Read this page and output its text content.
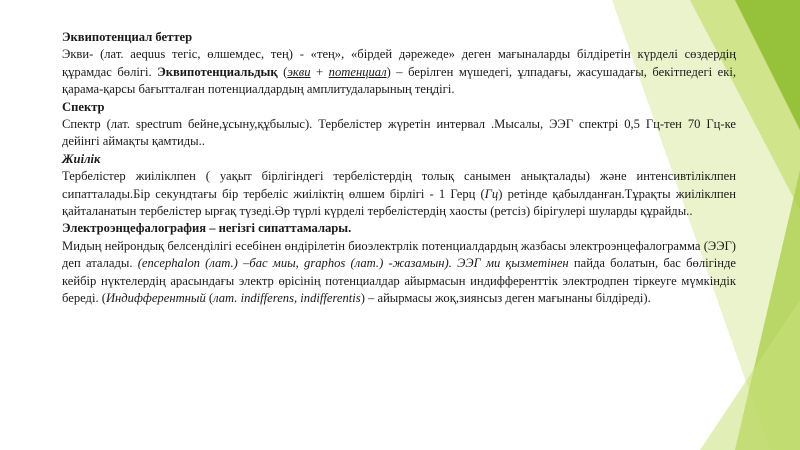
Эквипотенциал беттер

Экви- (лат. aequus тегіс, өлшемдес, тең) - «тең», «бірдей дәрежеде» деген мағыналарды білдіретін күрделі сөздердің құрамдас бөлігі. Эквипотенциальдық (экви + потенциал) – берілген мүшедегі, ұлпадағы, жасушадағы, бекітпедегі екі, қарама-қарсы бағытталған потенциалдардың амплитудаларының теңдігі.

Спектр

Спектр (лат. spectrum бейне,ұсыну,құбылыс). Тербелістер жүретін интервал .Мысалы, ЭЭГ спектрі 0,5 Гц-тен 70 Гц-ке дейінгі аймақты қамтиды..

Жиілік

Тербелістер жиіліклпен ( уақыт бірлігіндегі тербелістердің толық санымен анықталады) және интенсивтіліклпен сипатталады.Бір секундтағы бір тербеліс жиіліктің өлшем бірлігі - 1 Герц (Гц) ретінде қабылданған.Тұрақты жиіліклпен қайталанатын тербелістер ырғақ түзеді.Әр түрлі күрделі тербелістердің хаосты (ретсіз) бірігулері шуларды құрайды..

Электроэнцефалография – негізгі сипаттамалары.

Мидың нейрондық белсенділігі есебінен өндірілетін биоэлектрлік потенциалдардың жазбасы электроэнцефалограмма (ЭЭГ) деп аталады. (encephalon (лат.) –бас миы, graphos (лат.) -жазамын). ЭЭГ ми қызметінен пайда болатын, бас бөлігінде кейбір нүктелердің арасындағы электр өрісінің потенциалдар айырмасын индифференттік электродпен тіркеуге мүмкіндік береді. (Индифферентный (лат. indifferens, indifferentis) – айырмасы жоқ,зиянсыз деген мағынаны білдіреді).
